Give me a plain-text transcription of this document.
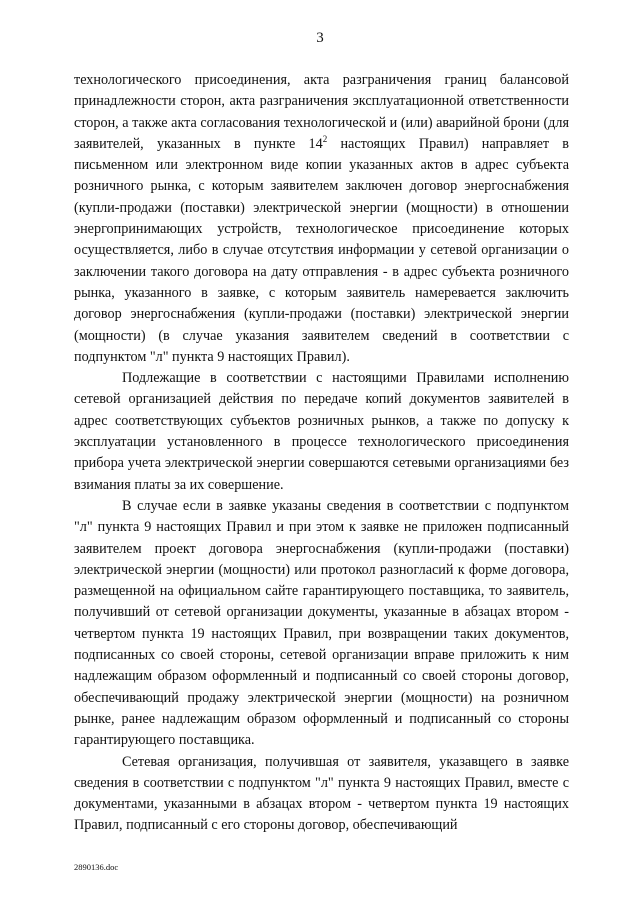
3

технологического присоединения, акта разграничения границ балансовой принадлежности сторон, акта разграничения эксплуатационной ответственности сторон, а также акта согласования технологической и (или) аварийной брони (для заявителей, указанных в пункте $14^2$ настоящих Правил) направляет в письменном или электронном виде копии указанных актов в адрес субъекта розничного рынка, с которым заявителем заключен договор энергоснабжения (купли-продажи (поставки) электрической энергии (мощности) в отношении энергопринимающих устройств, технологическое присоединение которых осуществляется, либо в случае отсутствия информации у сетевой организации о заключении такого договора на дату отправления - в адрес субъекта розничного рынка, указанного в заявке, с которым заявитель намеревается заключить договор энергоснабжения (купли-продажи (поставки) электрической энергии (мощности) (в случае указания заявителем сведений в соответствии с подпунктом "л" пункта 9 настоящих Правил).

Подлежащие в соответствии с настоящими Правилами исполнению сетевой организацией действия по передаче копий документов заявителей в адрес соответствующих субъектов розничных рынков, а также по допуску к эксплуатации установленного в процессе технологического присоединения прибора учета электрической энергии совершаются сетевыми организациями без взимания платы за их совершение.

В случае если в заявке указаны сведения в соответствии с подпунктом "л" пункта 9 настоящих Правил и при этом к заявке не приложен подписанный заявителем проект договора энергоснабжения (купли-продажи (поставки) электрической энергии (мощности) или протокол разногласий к форме договора, размещенной на официальном сайте гарантирующего поставщика, то заявитель, получивший от сетевой организации документы, указанные в абзацах втором - четвертом пункта 19 настоящих Правил, при возвращении таких документов, подписанных со своей стороны, сетевой организации вправе приложить к ним надлежащим образом оформленный и подписанный со своей стороны договор, обеспечивающий продажу электрической энергии (мощности) на розничном рынке, ранее надлежащим образом оформленный и подписанный со стороны гарантирующего поставщика.

Сетевая организация, получившая от заявителя, указавщего в заявке сведения в соответствии с подпунктом "л" пункта 9 настоящих Правил, вместе с документами, указанными в абзацах втором - четвертом пункта 19 настоящих Правил, подписанный с его стороны договор, обеспечивающий

2890136.doc
